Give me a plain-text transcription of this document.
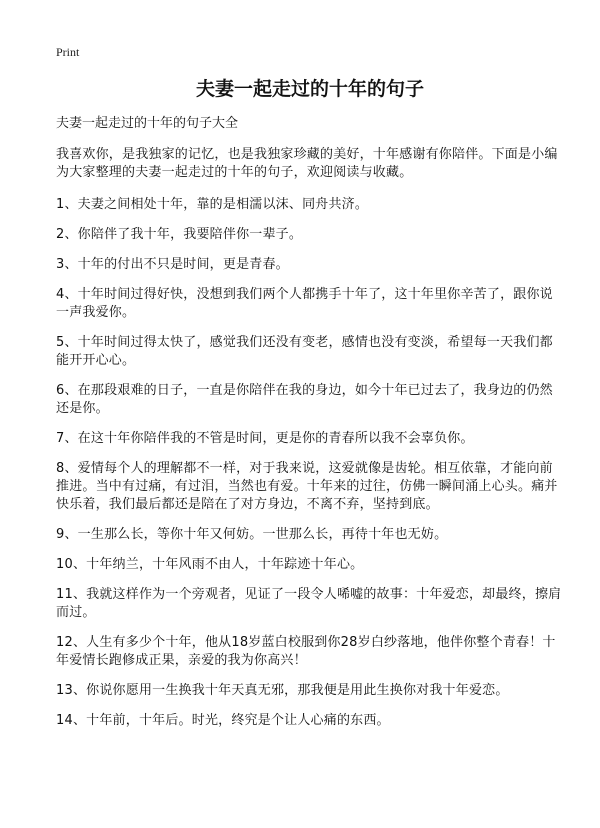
Print
夫妻一起走过的十年的句子
夫妻一起走过的十年的句子大全
我喜欢你，是我独家的记忆，也是我独家珍藏的美好，十年感谢有你陪伴。下面是小编为大家整理的夫妻一起走过的十年的句子，欢迎阅读与收藏。
1、夫妻之间相处十年，靠的是相濡以沫、同舟共济。
2、你陪伴了我十年，我要陪伴你一辈子。
3、十年的付出不只是时间，更是青春。
4、十年时间过得好快，没想到我们两个人都携手十年了，这十年里你辛苦了，跟你说一声我爱你。
5、十年时间过得太快了，感觉我们还没有变老，感情也没有变淡，希望每一天我们都能开开心心。
6、在那段艰难的日子，一直是你陪伴在我的身边，如今十年已过去了，我身边的仍然还是你。
7、在这十年你陪伴我的不管是时间，更是你的青春所以我不会辜负你。
8、爱情每个人的理解都不一样，对于我来说，这爱就像是齿轮。相互依靠，才能向前推进。当中有过痛，有过泪，当然也有爱。十年来的过往，仿佛一瞬间涌上心头。痛并快乐着，我们最后都还是陪在了对方身边，不离不弃，坚持到底。
9、一生那么长，等你十年又何妨。一世那么长，再待十年也无妨。
10、十年纳兰，十年风雨不由人，十年踪迹十年心。
11、我就这样作为一个旁观者，见证了一段令人唏嘘的故事：十年爱恋，却最终，擦肩而过。
12、人生有多少个十年，他从18岁蓝白校服到你28岁白纱落地，他伴你整个青春！十年爱情长跑修成正果，亲爱的我为你高兴！
13、你说你愿用一生换我十年天真无邪，那我便是用此生换你对我十年爱恋。
14、十年前，十年后。时光，终究是个让人心痛的东西。
